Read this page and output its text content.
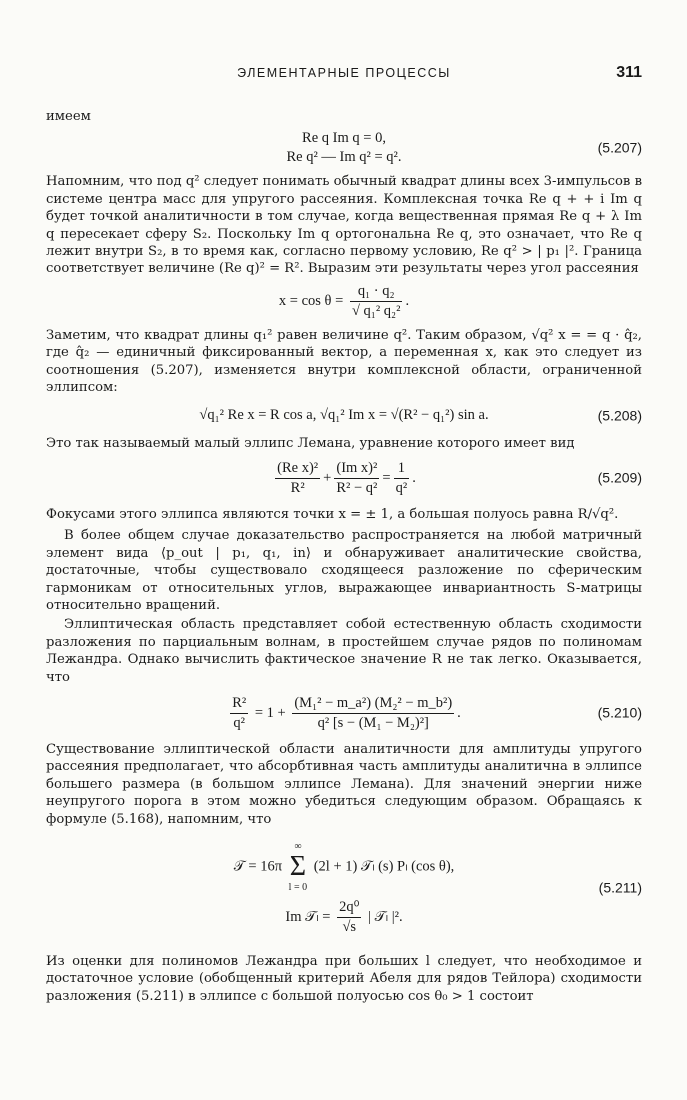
ЭЛЕМЕНТАРНЫЕ ПРОЦЕССЫ	311

имеем

Re q Im q = 0,
Re q² — Im q² = q².
(5.207)

Напомним, что под q² следует понимать обычный квадрат длины всех 3-импульсов в системе центра масс для упругого рассеяния. Комплексная точка Re q + + i Im q будет точкой аналитичности в том случае, когда вещественная прямая Re q + λ Im q пересекает сферу S₂. Поскольку Im q ортогональна Re q, это означает, что Re q лежит внутри S₂, в то время как, согласно первому условию, Re q² > | p₁ |². Граница соответствует величине (Re q)² = R². Выразим эти результаты через угол рассеяния

$x = \cos \theta = \frac{\text{q₁ · q₂}}{\text{√ q₁² q₂²}}$ .

Заметим, что квадрат длины q₁² равен величине q². Таким образом, √q² x = = q · q̂₂, где q̂₂ — единичный фиксированный вектор, а переменная x, как это следует из соотношения (5.207), изменяется внутри комплексной области, ограниченной эллипсом:

√q₁² Re x = R cos a, √q₁² Im x = √(R² − q₁²) sin a.	(5.208)

Это так называемый малый эллипс Лемана, уравнение которого имеет вид

$\frac{\text{(Re x)²}}{\text{R²}} + \frac{\text{(Im x)²}}{\text{R² − q²}} = \frac{1}{\text{q²}}$ .	(5.209)

Фокусами этого эллипса являются точки x = ± 1, а большая полуось равна R/√q².

В более общем случае доказательство распространяется на любой матричный элемент вида ⟨p_out | p₁, q₁, in⟩ и обнаруживает аналитические свойства, достаточные, чтобы существовало сходящееся разложение по сферическим гармоникам от относительных углов, выражающее инвариантность S-матрицы относительно вращений.

Эллиптическая область представляет собой естественную область сходимости разложения по парциальным волнам, в простейшем случае рядов по полиномам Лежандра. Однако вычислить фактическое значение R не так легко. Оказывается, что

$\frac{\text{R²}}{\text{q²}} = 1 + \frac{\text{(M₁² − m\_a²) (M₂² − m\_b²)}}{\text{q² [s − (M₁ − M₂)²]}}$ .	(5.210)

Существование эллиптической области аналитичности для амплитуды упругого рассеяния предполагает, что абсорбтивная часть амплитуды аналитична в эллипсе большего размера (в большом эллипсе Лемана). Для значений энергии ниже неупругого порога в этом можно убедиться следующим образом. Обращаясь к формуле (5.168), напомним, что

𝒯 = 16π
∞
Σ
l = 0
(2l + 1) 𝒯ₗ (s) Pₗ (cos θ),
Im 𝒯ₗ = $\frac{\text{2q⁰}}{√s}$ | 𝒯ₗ |².
(5.211)

Из оценки для полиномов Лежандра при больших l следует, что необходимое и достаточное условие (обобщенный критерий Абеля для рядов Тейлора) сходимости разложения (5.211) в эллипсе с большой полуосью cos θ₀ > 1 состоит
